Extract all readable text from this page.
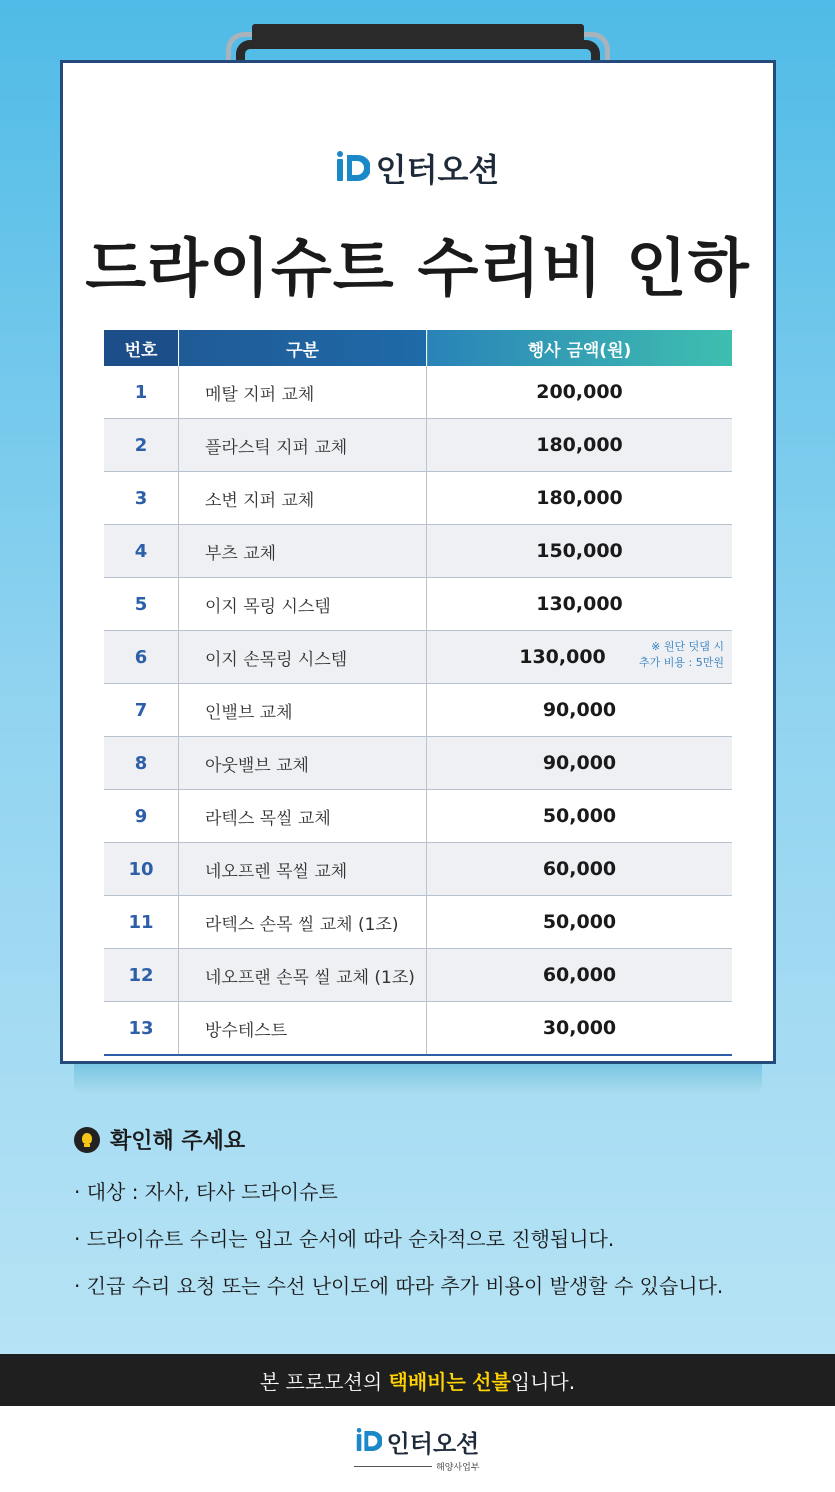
인터오션
드라이슈트 수리비 인하
번호	구분	행사 금액(원)
1	메탈 지퍼 교체	200,000
2	플라스틱 지퍼 교체	180,000
3	소변 지퍼 교체	180,000
4	부츠 교체	150,000
5	이지 목링 시스템	130,000
6	이지 손목링 시스템	130,000 ※ 원단 덧댐 시
추가 비용 : 5만원

7	인밸브 교체	90,000
8	아웃밸브 교체	90,000
9	라텍스 목씰 교체	50,000
10	네오프렌 목씰 교체	60,000
11	라텍스 손목 씰 교체 (1조)	50,000
12	네오프랜 손목 씰 교체 (1조)	60,000
13	방수테스트	30,000
확인해 주세요
· 대상 : 자사, 타사 드라이슈트
· 드라이슈트 수리는 입고 순서에 따라 순차적으로 진행됩니다.
· 긴급 수리 요청 또는 수선 난이도에 따라 추가 비용이 발생할 수 있습니다.
본 프로모션의 택배비는
선불 입니다.
인터오션
해양사업부
